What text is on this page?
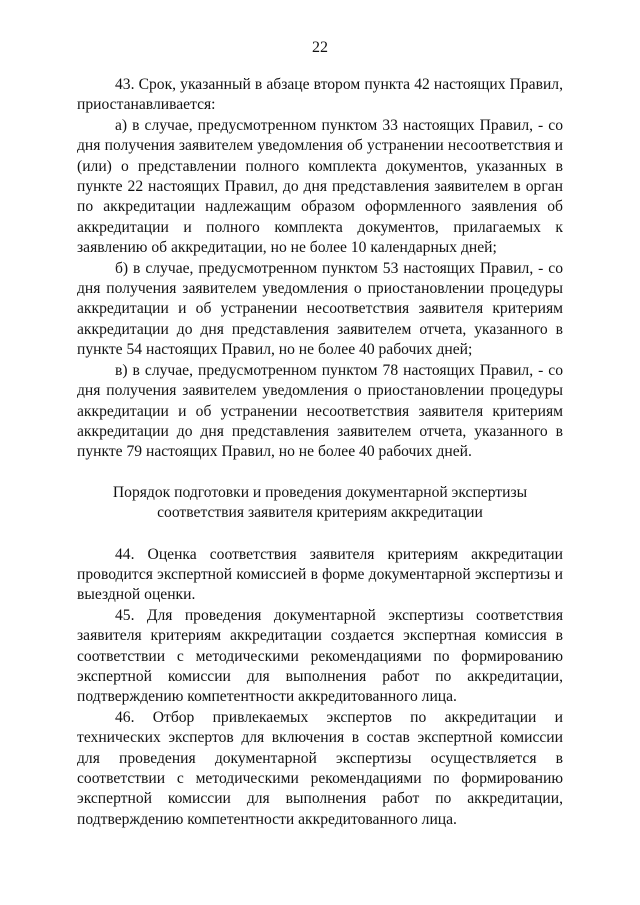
22

43. Срок, указанный в абзаце втором пункта 42 настоящих Правил, приостанавливается:

а) в случае, предусмотренном пунктом 33 настоящих Правил, - со дня получения заявителем уведомления об устранении несоответствия и (или) о представлении полного комплекта документов, указанных в пункте 22 настоящих Правил, до дня представления заявителем в орган по аккредитации надлежащим образом оформленного заявления об аккредитации и полного комплекта документов, прилагаемых к заявлению об аккредитации, но не более 10 календарных дней;

б) в случае, предусмотренном пунктом 53 настоящих Правил, - со дня получения заявителем уведомления о приостановлении процедуры аккредитации и об устранении несоответствия заявителя критериям аккредитации до дня представления заявителем отчета, указанного в пункте 54 настоящих Правил, но не более 40 рабочих дней;

в) в случае, предусмотренном пунктом 78 настоящих Правил, - со дня получения заявителем уведомления о приостановлении процедуры аккредитации и об устранении несоответствия заявителя критериям аккредитации до дня представления заявителем отчета, указанного в пункте 79 настоящих Правил, но не более 40 рабочих дней.

Порядок подготовки и проведения документарной экспертизы
соответствия заявителя критериям аккредитации

44. Оценка соответствия заявителя критериям аккредитации проводится экспертной комиссией в форме документарной экспертизы и выездной оценки.

45. Для проведения документарной экспертизы соответствия заявителя критериям аккредитации создается экспертная комиссия в соответствии с методическими рекомендациями по формированию экспертной комиссии для выполнения работ по аккредитации, подтверждению компетентности аккредитованного лица.

46. Отбор привлекаемых экспертов по аккредитации и технических экспертов для включения в состав экспертной комиссии для проведения документарной экспертизы осуществляется в соответствии с методическими рекомендациями по формированию экспертной комиссии для выполнения работ по аккредитации, подтверждению компетентности аккредитованного лица.
